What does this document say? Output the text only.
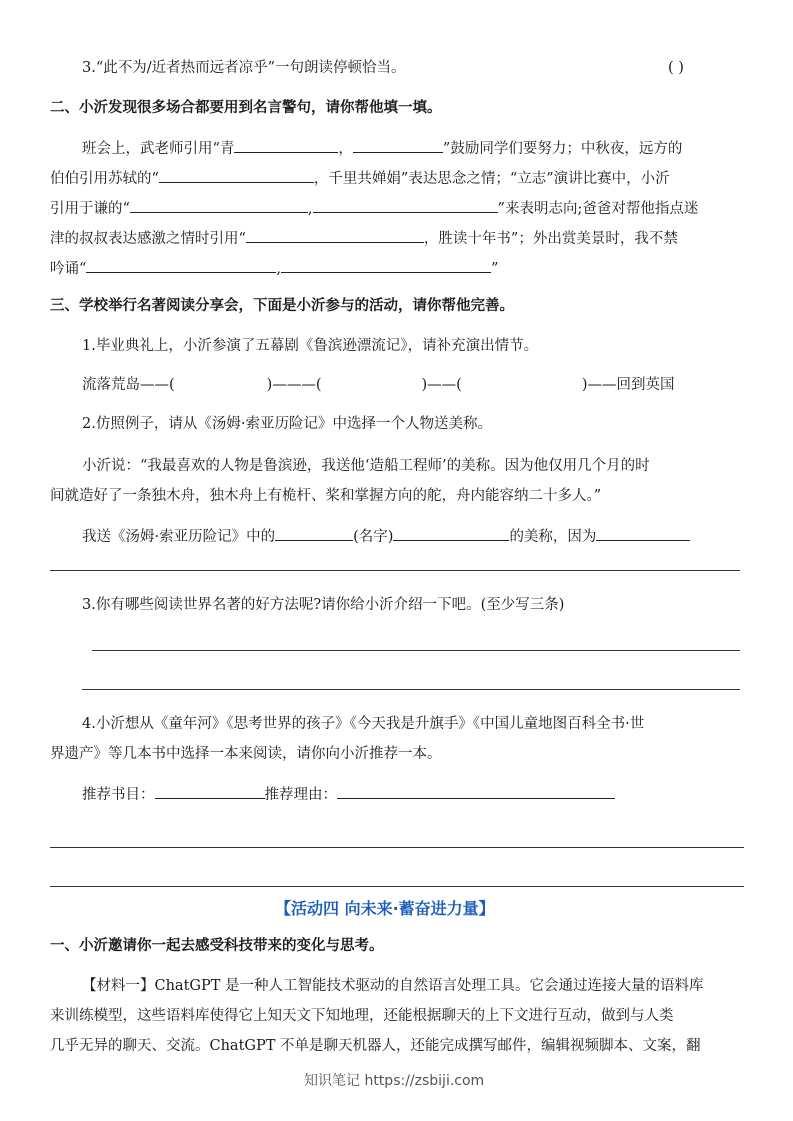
3.“此不为/近者热而远者凉乎”一句朗读停顿恰当。	( )
二、小沂发现很多场合都要用到名言警句，请你帮他填一填。
班会上，武老师引用“青	，	”鼓励同学们要努力；中秋夜，远方的
伯伯引用苏轼的“	，千里共婵娟”表达思念之情；“立志”演讲比赛中，小沂
引用于谦的“	,	”来表明志向;爸爸对帮他指点迷
津的叔叔表达感激之情时引用“	，胜读十年书”；外出赏美景时，我不禁
吟诵“	,	”
三、学校举行名著阅读分享会，下面是小沂参与的活动，请你帮他完善。
1.毕业典礼上，小沂参演了五幕剧《鲁滨逊漂流记》，请补充演出情节。
流落荒岛——(	)———(	)——(	)——回到英国
2.仿照例子，请从《汤姆·索亚历险记》中选择一个人物送美称。
小沂说：“我最喜欢的人物是鲁滨逊，我送他‘造船工程师’的美称。因为他仅用几个月的时
间就造好了一条独木舟，独木舟上有桅杆、桨和掌握方向的舵，舟内能容纳二十多人。”
我送《汤姆·索亚历险记》中的	(名字)	的美称，因为
3.你有哪些阅读世界名著的好方法呢?请你给小沂介绍一下吧。(至少写三条)
4.小沂想从《童年河》《思考世界的孩子》《今天我是升旗手》《中国儿童地图百科全书·世
界遗产》等几本书中选择一本来阅读，请你向小沂推荐一本。
推荐书目：	推荐理由：
【活动四 向未来·蓄奋进力量】
一、小沂邀请你一起去感受科技带来的变化与思考。
【材料一】ChatGPT 是一种人工智能技术驱动的自然语言处理工具。它会通过连接大量的语料库
来训练模型，这些语料库使得它上知天文下知地理，还能根据聊天的上下文进行互动，做到与人类
几乎无异的聊天、交流。ChatGPT 不单是聊天机器人，还能完成撰写邮件，编辑视频脚本、文案，翻
知识笔记 https://zsbiji.com
